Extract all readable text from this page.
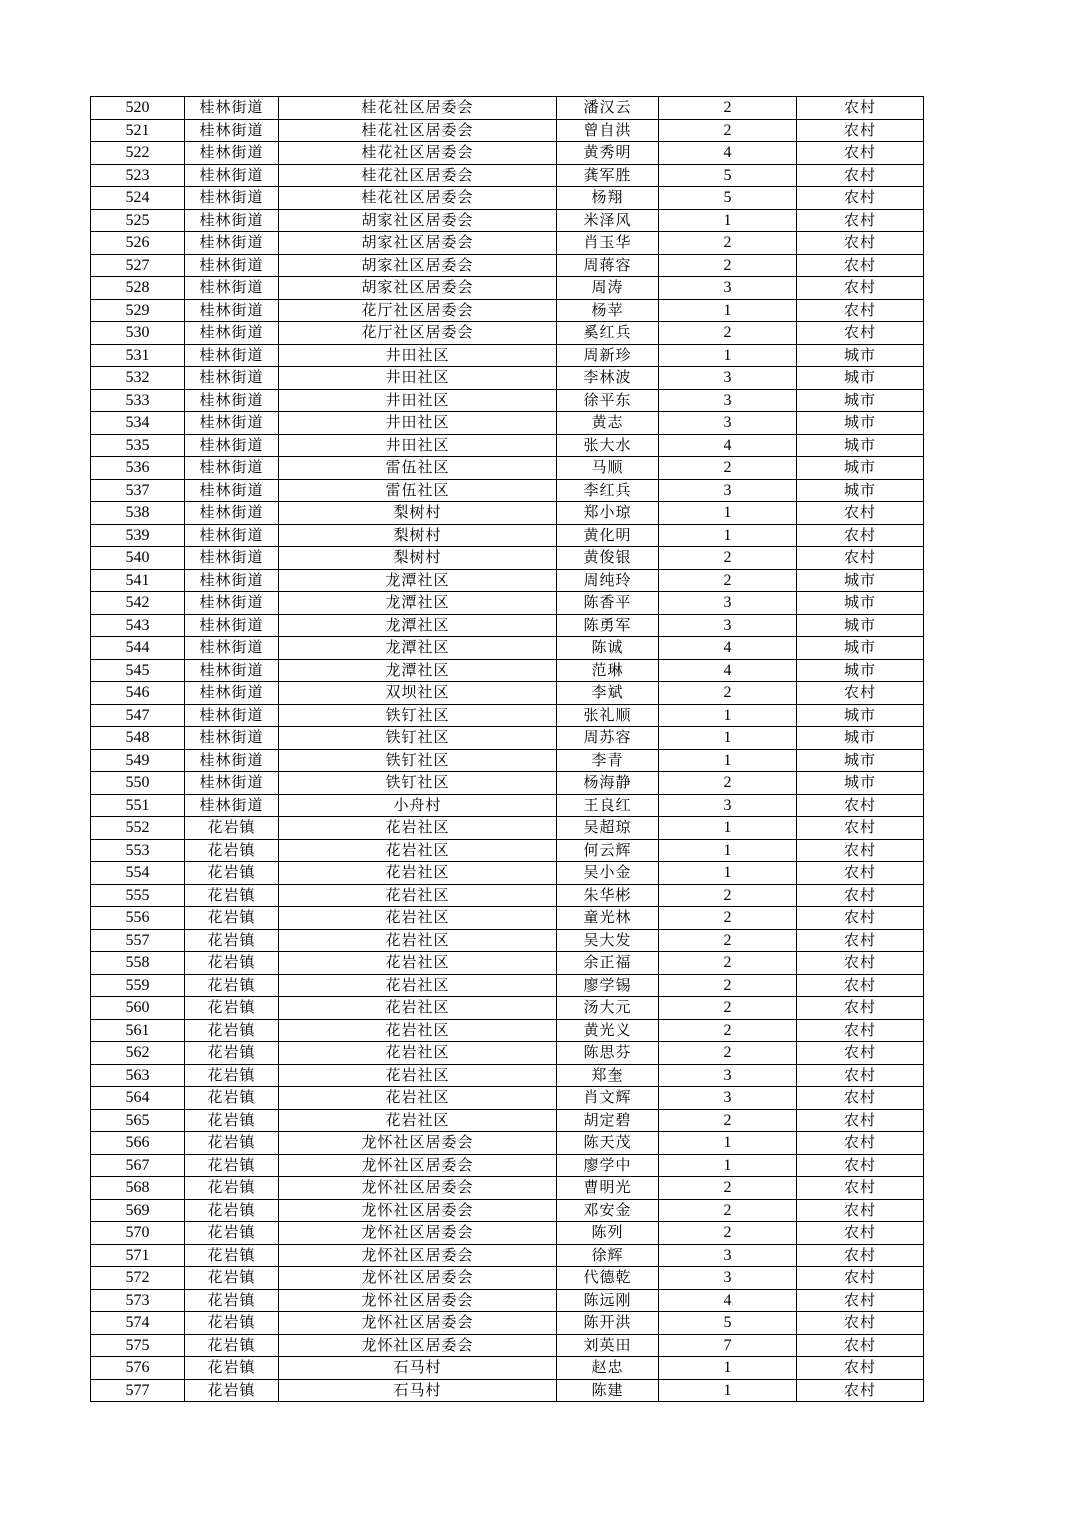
520	桂林街道	桂花社区居委会	潘汉云	2	农村
521	桂林街道	桂花社区居委会	曾自洪	2	农村
522	桂林街道	桂花社区居委会	黄秀明	4	农村
523	桂林街道	桂花社区居委会	龚军胜	5	农村
524	桂林街道	桂花社区居委会	杨翔	5	农村
525	桂林街道	胡家社区居委会	米泽风	1	农村
526	桂林街道	胡家社区居委会	肖玉华	2	农村
527	桂林街道	胡家社区居委会	周蒋容	2	农村
528	桂林街道	胡家社区居委会	周涛	3	农村
529	桂林街道	花厅社区居委会	杨苹	1	农村
530	桂林街道	花厅社区居委会	奚红兵	2	农村
531	桂林街道	井田社区	周新珍	1	城市
532	桂林街道	井田社区	李林波	3	城市
533	桂林街道	井田社区	徐平东	3	城市
534	桂林街道	井田社区	黄志	3	城市
535	桂林街道	井田社区	张大水	4	城市
536	桂林街道	雷伍社区	马顺	2	城市
537	桂林街道	雷伍社区	李红兵	3	城市
538	桂林街道	梨树村	郑小琼	1	农村
539	桂林街道	梨树村	黄化明	1	农村
540	桂林街道	梨树村	黄俊银	2	农村
541	桂林街道	龙潭社区	周纯玲	2	城市
542	桂林街道	龙潭社区	陈香平	3	城市
543	桂林街道	龙潭社区	陈勇军	3	城市
544	桂林街道	龙潭社区	陈诚	4	城市
545	桂林街道	龙潭社区	范琳	4	城市
546	桂林街道	双坝社区	李斌	2	农村
547	桂林街道	铁钉社区	张礼顺	1	城市
548	桂林街道	铁钉社区	周苏容	1	城市
549	桂林街道	铁钉社区	李青	1	城市
550	桂林街道	铁钉社区	杨海静	2	城市
551	桂林街道	小舟村	王良红	3	农村
552	花岩镇	花岩社区	吴超琼	1	农村
553	花岩镇	花岩社区	何云辉	1	农村
554	花岩镇	花岩社区	吴小金	1	农村
555	花岩镇	花岩社区	朱华彬	2	农村
556	花岩镇	花岩社区	童光林	2	农村
557	花岩镇	花岩社区	吴大发	2	农村
558	花岩镇	花岩社区	余正福	2	农村
559	花岩镇	花岩社区	廖学锡	2	农村
560	花岩镇	花岩社区	汤大元	2	农村
561	花岩镇	花岩社区	黄光义	2	农村
562	花岩镇	花岩社区	陈思芬	2	农村
563	花岩镇	花岩社区	郑奎	3	农村
564	花岩镇	花岩社区	肖文辉	3	农村
565	花岩镇	花岩社区	胡定碧	2	农村
566	花岩镇	龙怀社区居委会	陈天茂	1	农村
567	花岩镇	龙怀社区居委会	廖学中	1	农村
568	花岩镇	龙怀社区居委会	曹明光	2	农村
569	花岩镇	龙怀社区居委会	邓安金	2	农村
570	花岩镇	龙怀社区居委会	陈列	2	农村
571	花岩镇	龙怀社区居委会	徐辉	3	农村
572	花岩镇	龙怀社区居委会	代德乾	3	农村
573	花岩镇	龙怀社区居委会	陈远刚	4	农村
574	花岩镇	龙怀社区居委会	陈开洪	5	农村
575	花岩镇	龙怀社区居委会	刘英田	7	农村
576	花岩镇	石马村	赵忠	1	农村
577	花岩镇	石马村	陈建	1	农村
